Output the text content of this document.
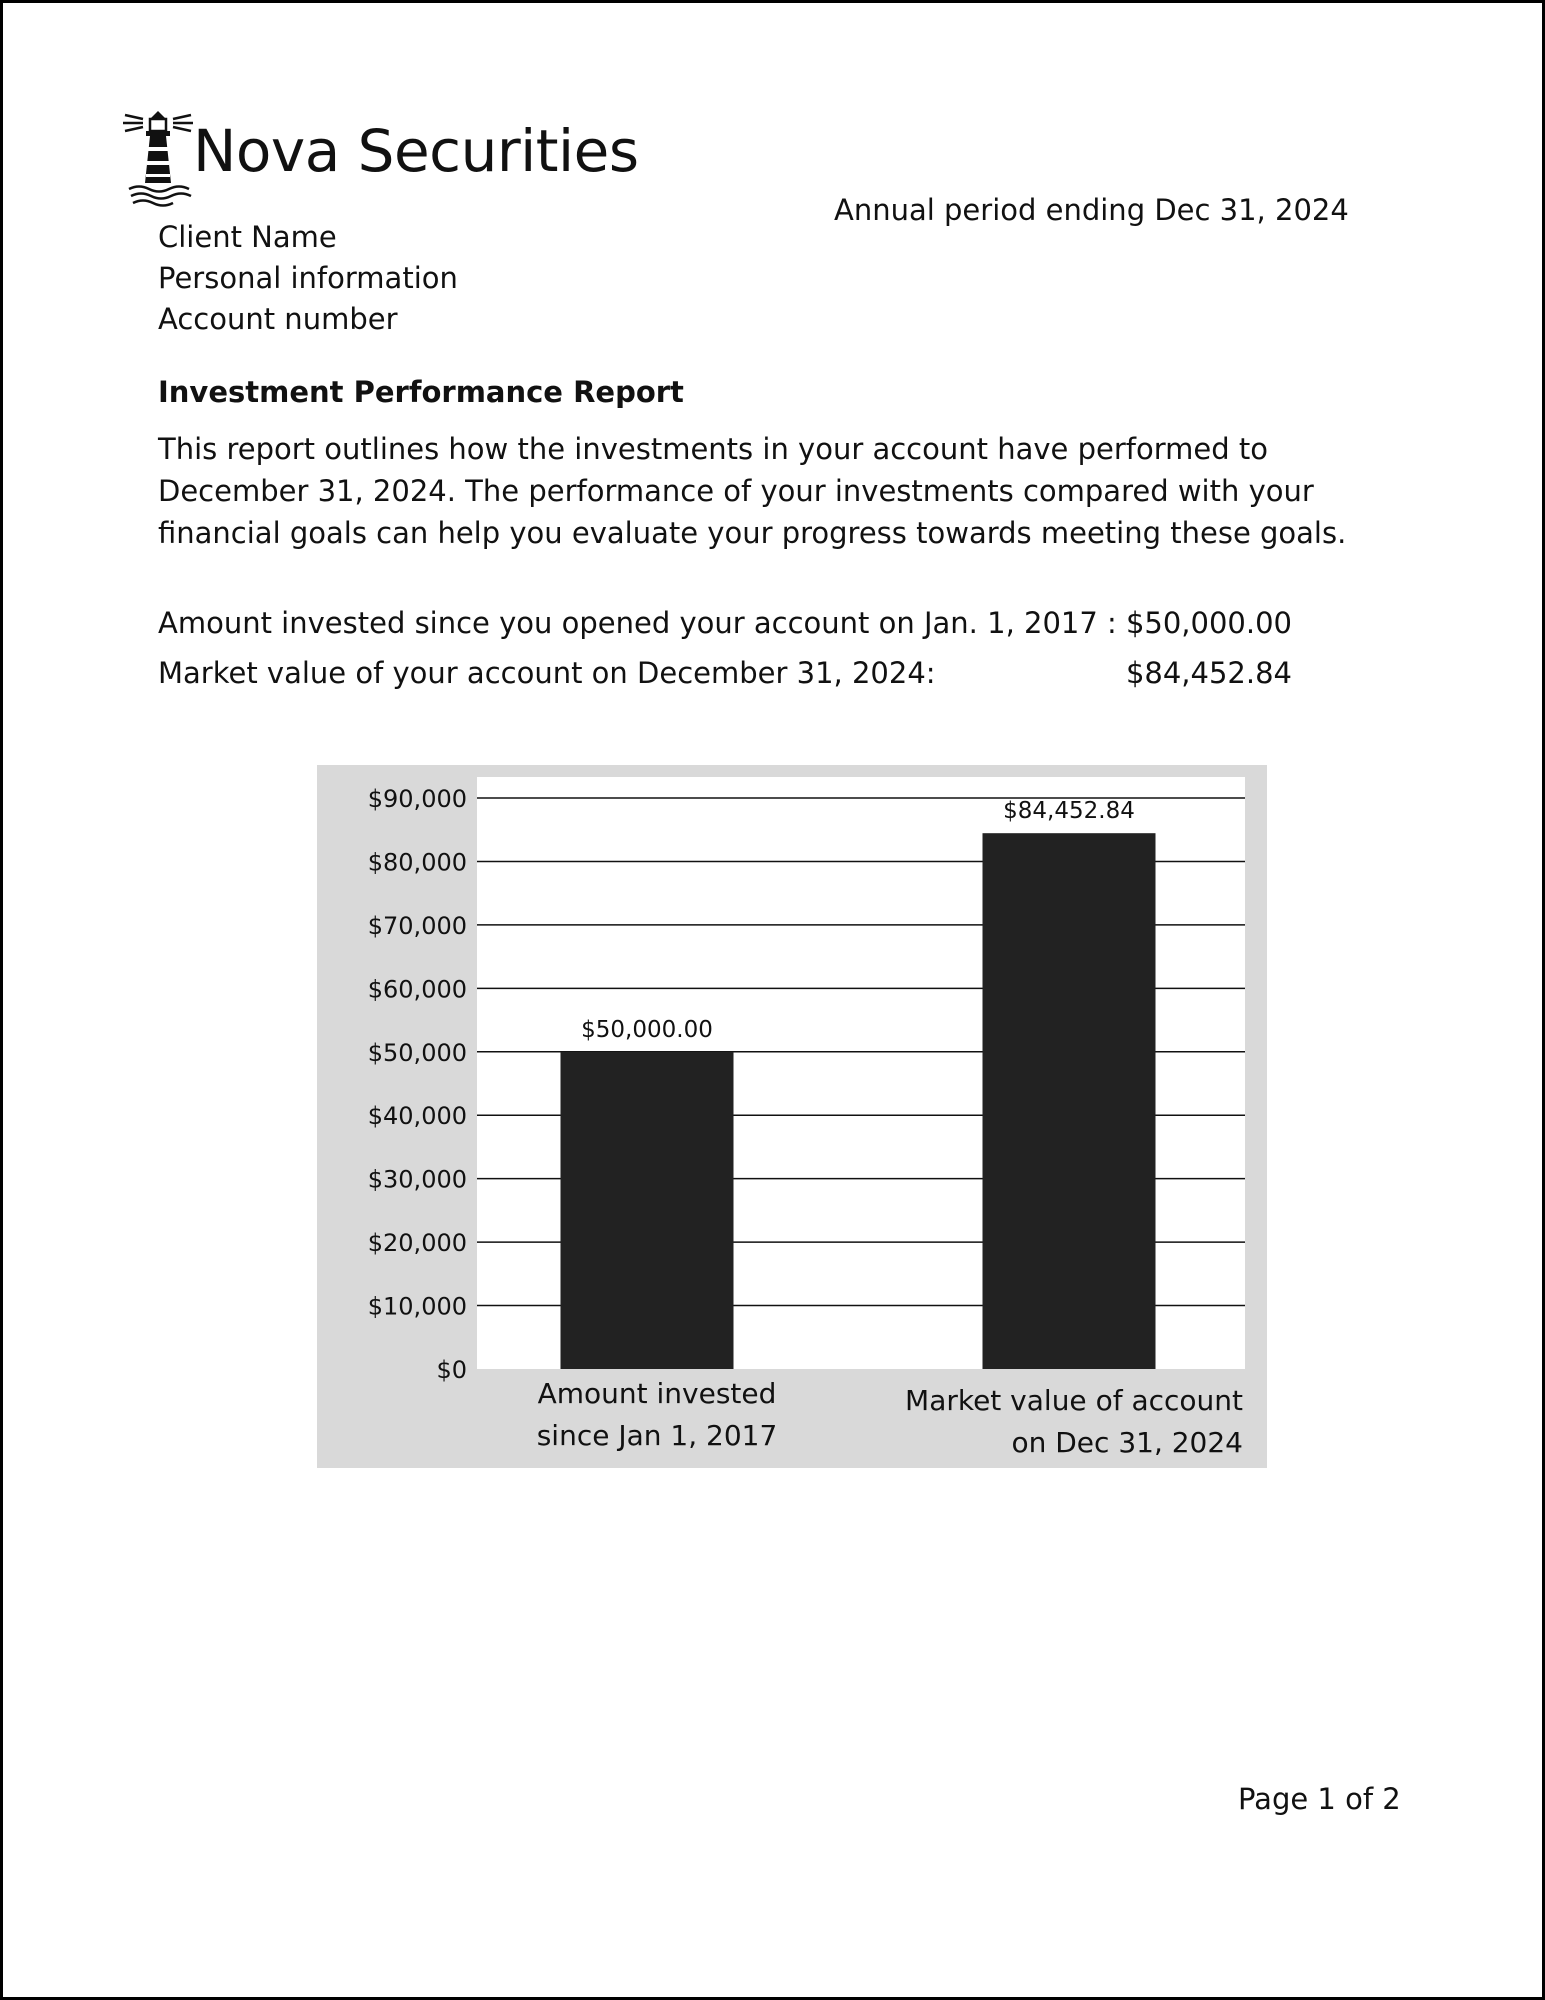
Nova Securities
Annual period ending Dec 31, 2024
Client Name
Personal information
Account number
Investment Performance Report
This report outlines how the investments in your account have performed to December 31, 2024. The performance of your investments compared with your financial goals can help you evaluate your progress towards meeting these goals.
Amount invested since you opened your account on Jan. 1, 2017 : $50,000.00
Market value of your account on December 31, 2024:	$84,452.84
$0
$10,000
$20,000
$30,000
$40,000
$50,000
$60,000
$70,000
$80,000
$90,000
$50,000.00
$84,452.84
Amount invested
since Jan 1, 2017
Market value of account
on Dec 31, 2024
Page 1 of 2
